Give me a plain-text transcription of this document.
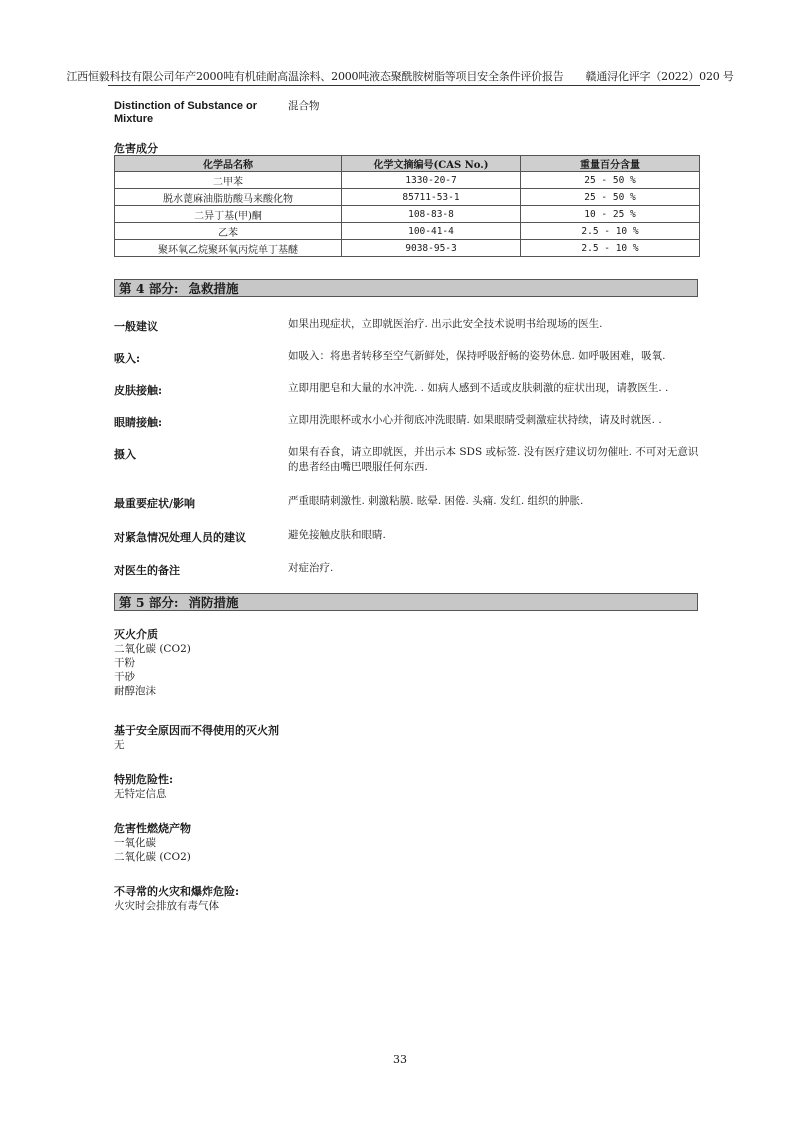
江西恒毅科技有限公司年产2000吨有机硅耐高温涂料、2000吨液态聚酰胺树脂等项目安全条件评价报告 赣通浔化评字（2022）020 号
Distinction of Substance or
Mixture
混合物
危害成分
化学品名称	化学文摘编号(CAS No.)	重量百分含量
二甲苯	1330-20-7	25 - 50 %
脱水蓖麻油脂肪酸马来酸化物	85711-53-1	25 - 50 %
二异丁基(甲)酮	108-83-8	10 - 25 %
乙苯	100-41-4	2.5 - 10 %
聚环氧乙烷聚环氧丙烷单丁基醚	9038-95-3	2.5 - 10 %
第 4 部分: 急救措施
一般建议	如果出现症状，立即就医治疗. 出示此安全技术说明书给现场的医生.
吸入:	如吸入：将患者转移至空气新鲜处，保持呼吸舒畅的姿势休息. 如呼吸困难，吸氧.
皮肤接触:	立即用肥皂和大量的水冲洗. . 如病人感到不适或皮肤刺激的症状出现，请教医生. .
眼睛接触:	立即用洗眼杯或水小心并彻底冲洗眼睛. 如果眼睛受刺激症状持续，请及时就医. .
摄入	如果有吞食，请立即就医，并出示本 SDS 或标签. 没有医疗建议切勿催吐. 不可对无意识的患者经由嘴巴喂服任何东西.
最重要症状/影响	严重眼睛刺激性. 刺激粘膜. 眩晕. 困倦. 头痛. 发红. 组织的肿胀.
对紧急情况处理人员的建议	避免接触皮肤和眼睛.
对医生的备注	对症治疗.
第 5 部分: 消防措施
灭火介质
二氧化碳 (CO2)
干粉
干砂
耐醇泡沫
基于安全原因而不得使用的灭火剂
无
特别危险性:
无特定信息
危害性燃烧产物
一氧化碳
二氧化碳 (CO2)
不寻常的火灾和爆炸危险:
火灾时会排放有毒气体
33
